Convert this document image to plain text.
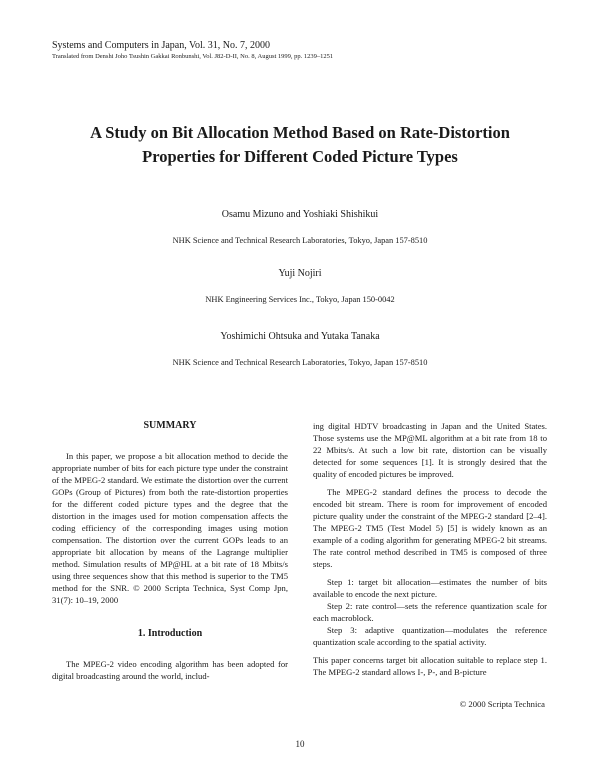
Systems and Computers in Japan, Vol. 31, No. 7, 2000
Translated from Denshi Joho Tsushin Gakkai Ronbunshi, Vol. J82-D-II, No. 8, August 1999, pp. 1239–1251
A Study on Bit Allocation Method Based on Rate-Distortion
Properties for Different Coded Picture Types
Osamu Mizuno and Yoshiaki Shishikui
NHK Science and Technical Research Laboratories, Tokyo, Japan 157-8510
Yuji Nojiri
NHK Engineering Services Inc., Tokyo, Japan 150-0042
Yoshimichi Ohtsuka and Yutaka Tanaka
NHK Science and Technical Research Laboratories, Tokyo, Japan 157-8510
SUMMARY

In this paper, we propose a bit allocation method to decide the appropriate number of bits for each picture type under the constraint of the MPEG-2 standard. We estimate the distortion over the current GOPs (Group of Pictures) from both the rate-distortion properties for the different coded picture types and the degree that the distortion in the images used for motion compensation affects the coding efficiency of the corresponding images using motion compensation. The distortion over the current GOPs leads to an appropriate bit allocation by means of the Lagrange multiplier method. Simulation results of MP@HL at a bit rate of 18 Mbits/s using three sequences show that this method is superior to the TM5 method for the SNR. © 2000 Scripta Technica, Syst Comp Jpn, 31(7): 10–19, 2000

1. Introduction

The MPEG-2 video encoding algorithm has been adopted for digital broadcasting around the world, includ-

ing digital HDTV broadcasting in Japan and the United States. Those systems use the MP@ML algorithm at a bit rate from 18 to 22 Mbits/s. At such a low bit rate, distortion can be visually detected for some sequences [1]. It is strongly desired that the quality of encoded pictures be improved.

The MPEG-2 standard defines the process to decode the encoded bit stream. There is room for improvement of encoded picture quality under the constraint of the MPEG-2 standard [2–4]. The MPEG-2 TM5 (Test Model 5) [5] is widely known as an example of a coding algorithm for generating MPEG-2 bit streams. The rate control method described in TM5 is composed of three steps.

Step 1: target bit allocation—estimates the number of bits available to encode the next picture.

Step 2: rate control—sets the reference quantization scale for each macroblock.

Step 3: adaptive quantization—modulates the reference quantization scale according to the spatial activity.

This paper concerns target bit allocation suitable to replace step 1. The MPEG-2 standard allows I-, P-, and B-picture

© 2000 Scripta Technica
10
